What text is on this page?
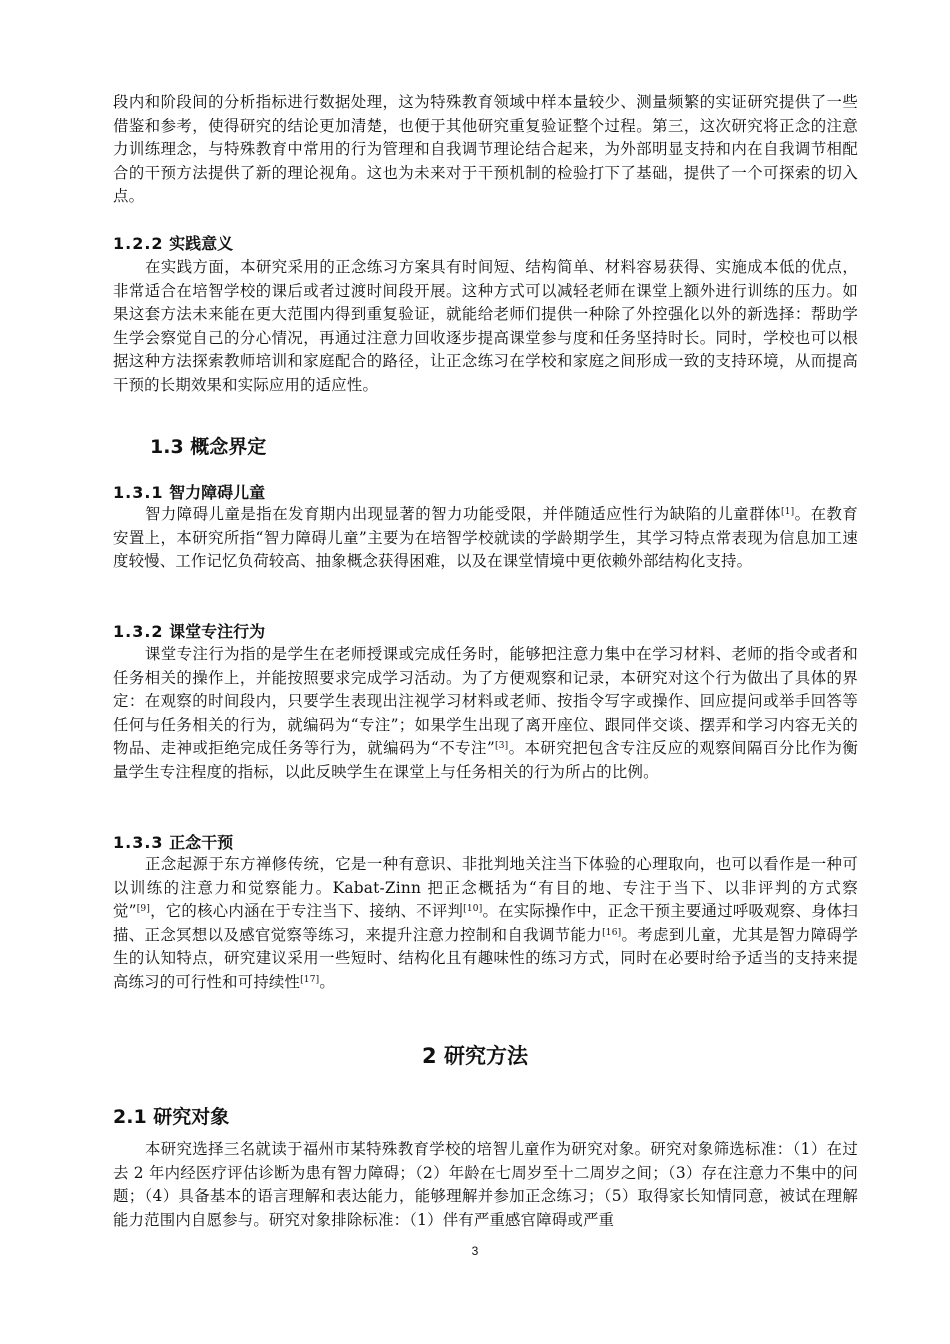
段内和阶段间的分析指标进行数据处理，这为特殊教育领域中样本量较少、测量频繁的实证研究提供了一些借鉴和参考，使得研究的结论更加清楚，也便于其他研究重复验证整个过程。第三，这次研究将正念的注意力训练理念，与特殊教育中常用的行为管理和自我调节理论结合起来，为外部明显支持和内在自我调节相配合的干预方法提供了新的理论视角。这也为未来对于干预机制的检验打下了基础，提供了一个可探索的切入点。

1.2.2 实践意义

在实践方面，本研究采用的正念练习方案具有时间短、结构简单、材料容易获得、实施成本低的优点，非常适合在培智学校的课后或者过渡时间段开展。这种方式可以减轻老师在课堂上额外进行训练的压力。如果这套方法未来能在更大范围内得到重复验证，就能给老师们提供一种除了外控强化以外的新选择：帮助学生学会察觉自己的分心情况，再通过注意力回收逐步提高课堂参与度和任务坚持时长。同时，学校也可以根据这种方法探索教师培训和家庭配合的路径，让正念练习在学校和家庭之间形成一致的支持环境，从而提高干预的长期效果和实际应用的适应性。

1.3 概念界定
1.3.1 智力障碍儿童

智力障碍儿童是指在发育期内出现显著的智力功能受限，并伴随适应性行为缺陷的儿童群体[1]。在教育安置上，本研究所指“智力障碍儿童”主要为在培智学校就读的学龄期学生，其学习特点常表现为信息加工速度较慢、工作记忆负荷较高、抽象概念获得困难，以及在课堂情境中更依赖外部结构化支持。

1.3.2 课堂专注行为

课堂专注行为指的是学生在老师授课或完成任务时，能够把注意力集中在学习材料、老师的指令或者和任务相关的操作上，并能按照要求完成学习活动。为了方便观察和记录，本研究对这个行为做出了具体的界定：在观察的时间段内，只要学生表现出注视学习材料或老师、按指令写字或操作、回应提问或举手回答等任何与任务相关的行为，就编码为“专注”；如果学生出现了离开座位、跟同伴交谈、摆弄和学习内容无关的物品、走神或拒绝完成任务等行为，就编码为“不专注”[3]。本研究把包含专注反应的观察间隔百分比作为衡量学生专注程度的指标，以此反映学生在课堂上与任务相关的行为所占的比例。

1.3.3 正念干预

正念起源于东方禅修传统，它是一种有意识、非批判地关注当下体验的心理取向，也可以看作是一种可以训练的注意力和觉察能力。Kabat-Zinn 把正念概括为“有目的地、专注于当下、以非评判的方式察觉”[9]，它的核心内涵在于专注当下、接纳、不评判[10]。在实际操作中，正念干预主要通过呼吸观察、身体扫描、正念冥想以及感官觉察等练习，来提升注意力控制和自我调节能力[16]。考虑到儿童，尤其是智力障碍学生的认知特点，研究建议采用一些短时、结构化且有趣味性的练习方式，同时在必要时给予适当的支持来提高练习的可行性和可持续性[17]。

2 研究方法
2.1 研究对象

本研究选择三名就读于福州市某特殊教育学校的培智儿童作为研究对象。研究对象筛选标准：（1）在过去 2 年内经医疗评估诊断为患有智力障碍；（2）年龄在七周岁至十二周岁之间；（3）存在注意力不集中的问题；（4）具备基本的语言理解和表达能力，能够理解并参加正念练习；（5）取得家长知情同意，被试在理解能力范围内自愿参与。研究对象排除标准：（1）伴有严重感官障碍或严重

3
